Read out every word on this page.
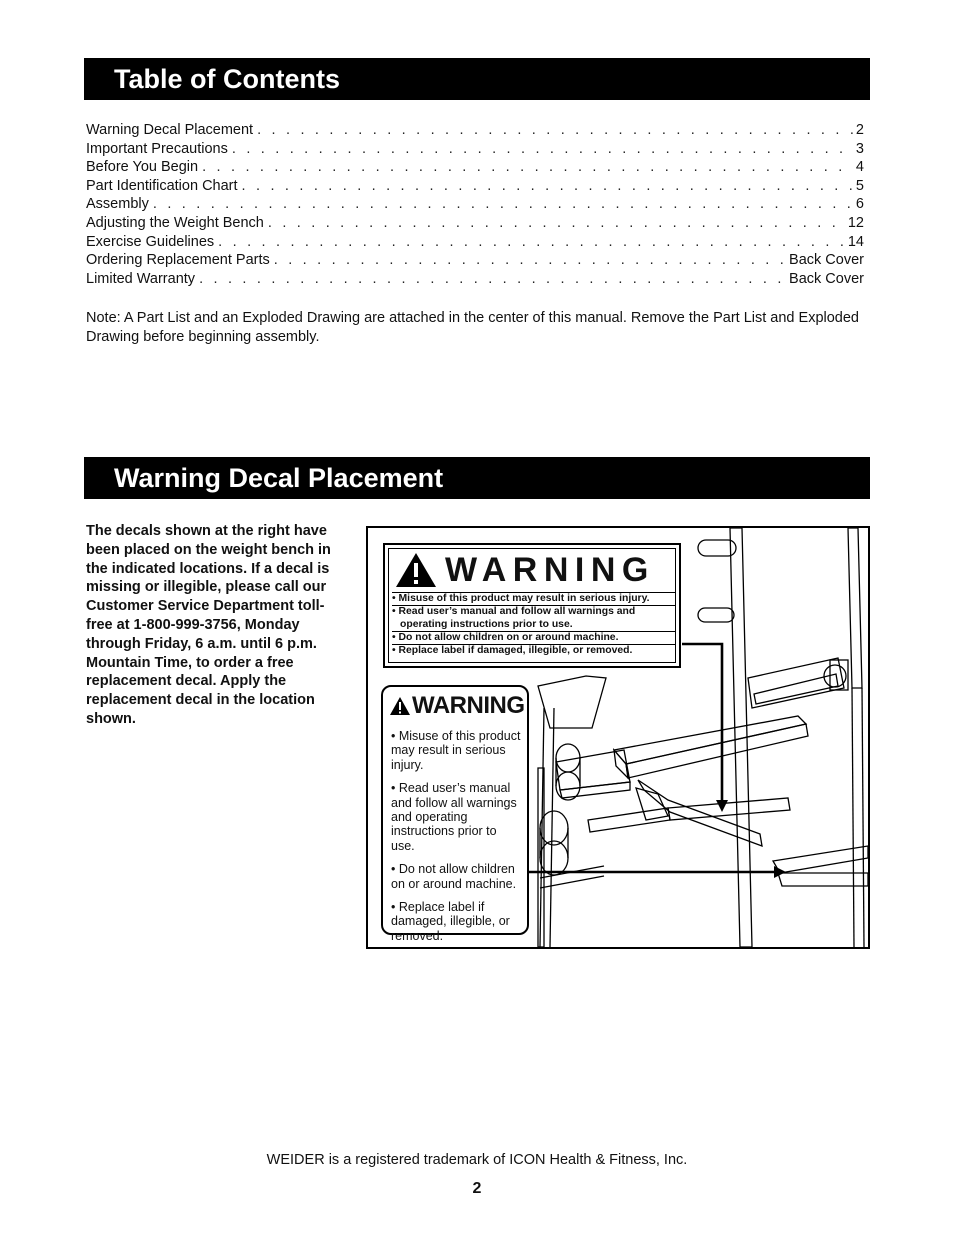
Table of Contents
Warning Decal Placement . . .	2
Important Precautions . . .	3
Before You Begin . . .	4
Part Identification Chart . . .	5
Assembly . . .	6
Adjusting the Weight Bench . . .	12
Exercise Guidelines . . .	14
Ordering Replacement Parts . . .	Back Cover
Limited Warranty . . .	Back Cover
Note: A Part List and an Exploded Drawing are attached in the center of this manual. Remove the Part List and Exploded Drawing before beginning assembly.
Warning Decal Placement
The decals shown at the right have been placed on the weight bench in the indicated locations. If a decal is missing or illegible, please call our Customer Service Department toll-free at 1-800-999-3756, Monday through Friday, 6 a.m. until 6 p.m. Mountain Time, to order a free replacement decal. Apply the replacement decal in the location shown.
WARNING
• Misuse of this product may result in serious injury.
• Read user’s manual and follow all warnings and operating instructions prior to use.
• Do not allow children on or around machine.
• Replace label if damaged, illegible, or removed.
WARNING
• Misuse of this product may result in serious injury.
• Read user’s manual and follow all warnings and operating instructions prior to use.
• Do not allow children on or around machine.
• Replace label if damaged, illegible, or removed.
WEIDER is a registered trademark of ICON Health & Fitness, Inc.
2
